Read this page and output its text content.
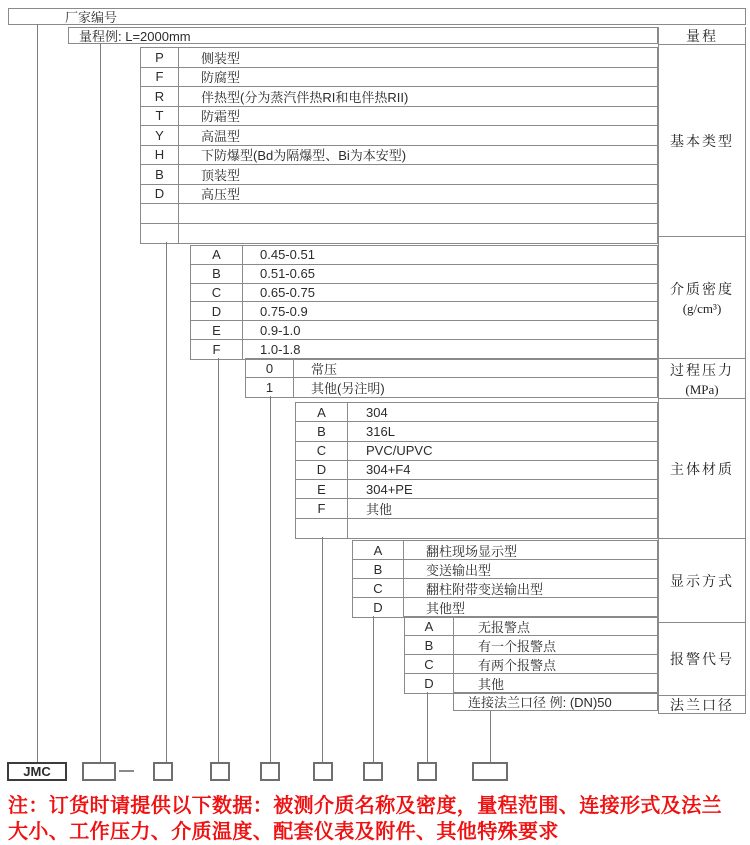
厂家编号
量程例: L=2000mm	量程
基本类型
介质密度
(g/cm³)
过程压力
(MPa)
主体材质
显示方式
报警代号
法兰口径
P	侧装型
F	防腐型
R	伴热型(分为蒸汽伴热RI和电伴热RII)
T	防霜型
Y	高温型
H	下防爆型(Bd为隔爆型、Bi为本安型)
B	顶装型
D	高压型
A	0.45-0.51
B	0.51-0.65
C	0.65-0.75
D	0.75-0.9
E	0.9-1.0
F	1.0-1.8
0	常压
1	其他(另注明)
A	304
B	316L
C	PVC/UPVC
D	304+F4
E	304+PE
F	其他
A	翻柱现场显示型
B	变送输出型
C	翻柱附带变送输出型
D	其他型
A	无报警点
B	有一个报警点
C	有两个报警点
D	其他
连接法兰口径 例: (DN)50
注：订货时请提供以下数据：被测介质名称及密度，量程范围、连接形式及法兰大小、工作压力、介质温度、配套仪表及附件、其他特殊要求
JMC
